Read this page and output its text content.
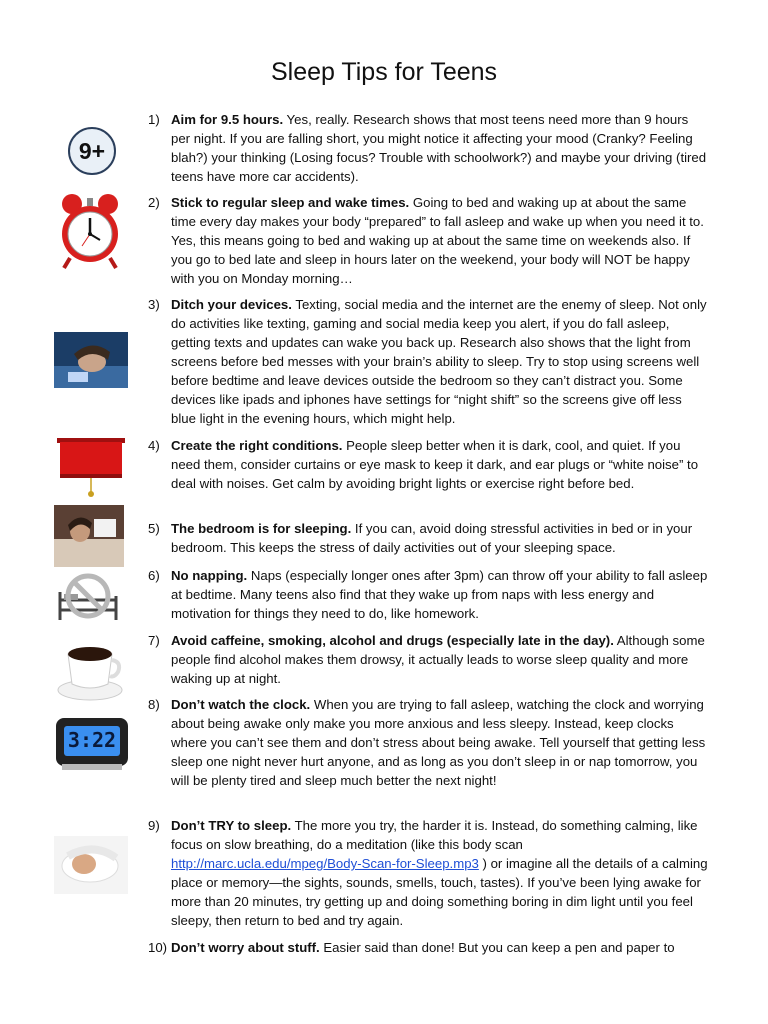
Sleep Tips for Teens
9+
3:22
1) Aim for 9.5 hours. Yes, really. Research shows that most teens need more than 9 hours per night. If you are falling short, you might notice it affecting your mood (Cranky? Feeling blah?) your thinking (Losing focus? Trouble with schoolwork?) and maybe your driving (tired teens have more car accidents).
2) Stick to regular sleep and wake times. Going to bed and waking up at about the same time every day makes your body “prepared” to fall asleep and wake up when you need it to. Yes, this means going to bed and waking up at about the same time on weekends also. If you go to bed late and sleep in hours later on the weekend, your body will NOT be happy with you on Monday morning…
3) Ditch your devices. Texting, social media and the internet are the enemy of sleep. Not only do activities like texting, gaming and social media keep you alert, if you do fall asleep, getting texts and updates can wake you back up. Research also shows that the light from screens before bed messes with your brain’s ability to sleep. Try to stop using screens well before bedtime and leave devices outside the bedroom so they can’t distract you. Some devices like ipads and iphones have settings for “night shift” so the screens give off less blue light in the evening hours, which might help.
4) Create the right conditions. People sleep better when it is dark, cool, and quiet. If you need them, consider curtains or eye mask to keep it dark, and ear plugs or “white noise” to deal with noises. Get calm by avoiding bright lights or exercise right before bed.
5) The bedroom is for sleeping. If you can, avoid doing stressful activities in bed or in your bedroom. This keeps the stress of daily activities out of your sleeping space.
6) No napping. Naps (especially longer ones after 3pm) can throw off your ability to fall asleep at bedtime. Many teens also find that they wake up from naps with less energy and motivation for things they need to do, like homework.
7) Avoid caffeine, smoking, alcohol and drugs (especially late in the day). Although some people find alcohol makes them drowsy, it actually leads to worse sleep quality and more waking up at night.
8) Don’t watch the clock. When you are trying to fall asleep, watching the clock and worrying about being awake only make you more anxious and less sleepy. Instead, keep clocks where you can’t see them and don’t stress about being awake. Tell yourself that getting less sleep one night never hurt anyone, and as long as you don’t sleep in or nap tomorrow, you will be plenty tired and sleep much better the next night!
9) Don’t TRY to sleep. The more you try, the harder it is. Instead, do something calming, like focus on slow breathing, do a meditation (like this body scan http://marc.ucla.edu/mpeg/Body-Scan-for-Sleep.mp3 ) or imagine all the details of a calming place or memory—the sights, sounds, smells, touch, tastes). If you’ve been lying awake for more than 20 minutes, try getting up and doing something boring in dim light until you feel sleepy, then return to bed and try again.
10) Don’t worry about stuff. Easier said than done! But you can keep a pen and paper to
